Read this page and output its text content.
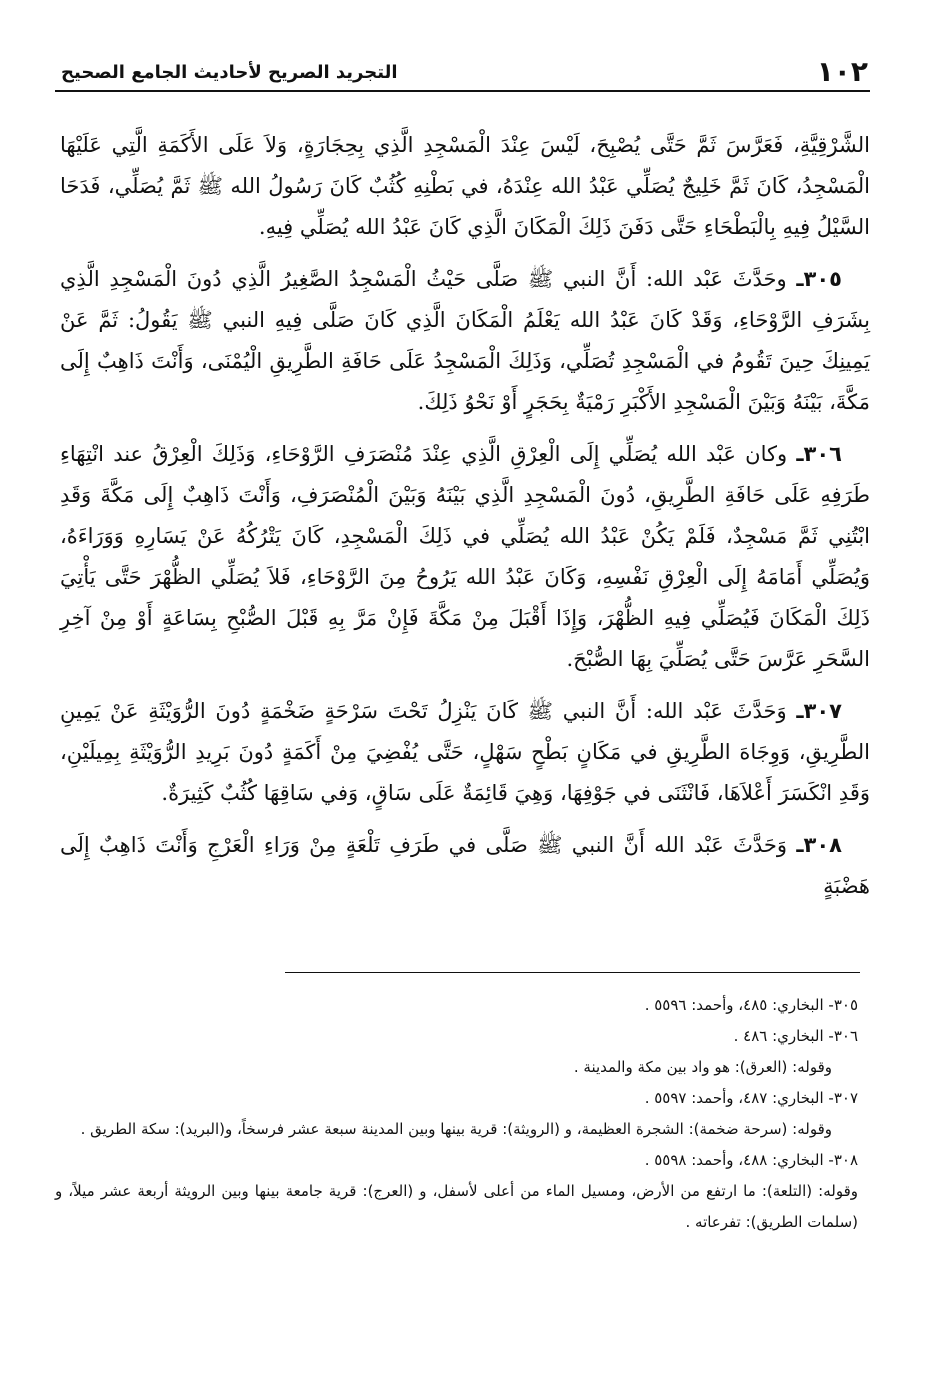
١٠٢
التجريد الصريح لأحاديث الجامع الصحيح

الشَّرْقِيَّةِ، فَعَرَّسَ ثَمَّ حَتَّى يُصْبِحَ، لَيْسَ عِنْدَ الْمَسْجِدِ الَّذِي بِحِجَارَةٍ، وَلاَ عَلَى الأَكَمَةِ الَّتِي عَلَيْهَا الْمَسْجِدُ، كَانَ ثَمَّ خَلِيجٌ يُصَلِّي عَبْدُ الله عِنْدَهُ، في بَطْنِهِ كُثُبٌ كَانَ رَسُولُ الله ﷺ ثَمَّ يُصَلِّي، فَدَحَا السَّيْلُ فِيهِ بِالْبَطْحَاءِ حَتَّى دَفَنَ ذَلِكَ الْمَكَانَ الَّذِي كَانَ عَبْدُ الله يُصَلِّي فِيهِ.

٣٠٥ـ وحَدَّثَ عَبْد الله: أَنَّ النبي ﷺ صَلَّى حَيْثُ الْمَسْجِدُ الصَّغِيرُ الَّذِي دُونَ الْمَسْجِدِ الَّذِي بِشَرَفِ الرَّوْحَاءِ، وَقَدْ كَانَ عَبْدُ الله يَعْلَمُ الْمَكَانَ الَّذِي كَانَ صَلَّى فِيهِ النبي ﷺ يَقُولُ: ثَمَّ عَنْ يَمِينِكَ حِينَ تَقُومُ في الْمَسْجِدِ تُصَلِّي، وَذَلِكَ الْمَسْجِدُ عَلَى حَافَةِ الطَّرِيقِ الْيُمْنَى، وَأَنْتَ ذَاهِبٌ إِلَى مَكَّةَ، بَيْنَهُ وَبَيْنَ الْمَسْجِدِ الأَكْبَرِ رَمْيَةٌ بِحَجَرٍ أَوْ نَحْوُ ذَلِكَ.

٣٠٦ـ وكان عَبْد الله يُصَلِّي إِلَى الْعِرْقِ الَّذِي عِنْدَ مُنْصَرَفِ الرَّوْحَاءِ، وَذَلِكَ الْعِرْقُ عند انْتِهَاءِ طَرَفِهِ عَلَى حَافَةِ الطَّرِيقِ، دُونَ الْمَسْجِدِ الَّذِي بَيْنَهُ وَبَيْنَ الْمُنْصَرَفِ، وَأَنْتَ ذَاهِبٌ إِلَى مَكَّةَ وَقَدِ ابْتُنِي ثَمَّ مَسْجِدٌ، فَلَمْ يَكُنْ عَبْدُ الله يُصَلِّي في ذَلِكَ الْمَسْجِدِ، كَانَ يَتْرُكُهُ عَنْ يَسَارِهِ وَوَرَاءَهُ، وَيُصَلِّي أَمَامَهُ إِلَى الْعِرْقِ نَفْسِهِ، وَكَانَ عَبْدُ الله يَرُوحُ مِنَ الرَّوْحَاءِ، فَلاَ يُصَلِّي الظُّهْرَ حَتَّى يَأْتِيَ ذَلِكَ الْمَكَانَ فَيُصَلِّي فِيهِ الظُّهْرَ، وَإِذَا أَقْبَلَ مِنْ مَكَّةَ فَإِنْ مَرَّ بِهِ قَبْلَ الصُّبْحِ بِسَاعَةٍ أَوْ مِنْ آخِرِ السَّحَرِ عَرَّسَ حَتَّى يُصَلِّيَ بِهَا الصُّبْحَ.

٣٠٧ـ وَحَدَّثَ عَبْد الله: أَنَّ النبي ﷺ كَانَ يَنْزِلُ تَحْتَ سَرْحَةٍ ضَخْمَةٍ دُونَ الرُّوَيْثَةِ عَنْ يَمِينِ الطَّرِيقِ، وَوِجَاهَ الطَّرِيقِ في مَكَانٍ بَطْحٍ سَهْلٍ، حَتَّى يُفْضِيَ مِنْ أَكَمَةٍ دُونَ بَرِيدِ الرُّوَيْثَةِ بِمِيلَيْنِ، وَقَدِ انْكَسَرَ أَعْلاَهَا، فَانْثَنَى في جَوْفِهَا، وَهِيَ قَائِمَةٌ عَلَى سَاقٍ، وَفي سَاقِهَا كُثُبٌ كَثِيرَةٌ.

٣٠٨ـ وَحَدَّثَ عَبْد الله أَنَّ النبي ﷺ صَلَّى في طَرَفِ تَلْعَةٍ مِنْ وَرَاءِ الْعَرْجِ وَأَنْتَ ذَاهِبٌ إِلَى هَضْبَةٍ

٣٠٥- البخاري: ٤٨٥، وأحمد: ٥٥٩٦ .

٣٠٦- البخاري: ٤٨٦ .

وقوله: (العرق): هو واد بين مكة والمدينة .

٣٠٧- البخاري: ٤٨٧، وأحمد: ٥٥٩٧ .

وقوله: (سرحة ضخمة): الشجرة العظيمة، و (الرويثة): قرية بينها وبين المدينة سبعة عشر فرسخاً، و(البريد): سكة الطريق .

٣٠٨- البخاري: ٤٨٨، وأحمد: ٥٥٩٨ .

وقوله: (التلعة): ما ارتفع من الأرض، ومسيل الماء من أعلى لأسفل، و (العرج): قرية جامعة بينها وبين الرويثة أربعة عشر ميلاً، و (سلمات الطريق): تفرعاته .
